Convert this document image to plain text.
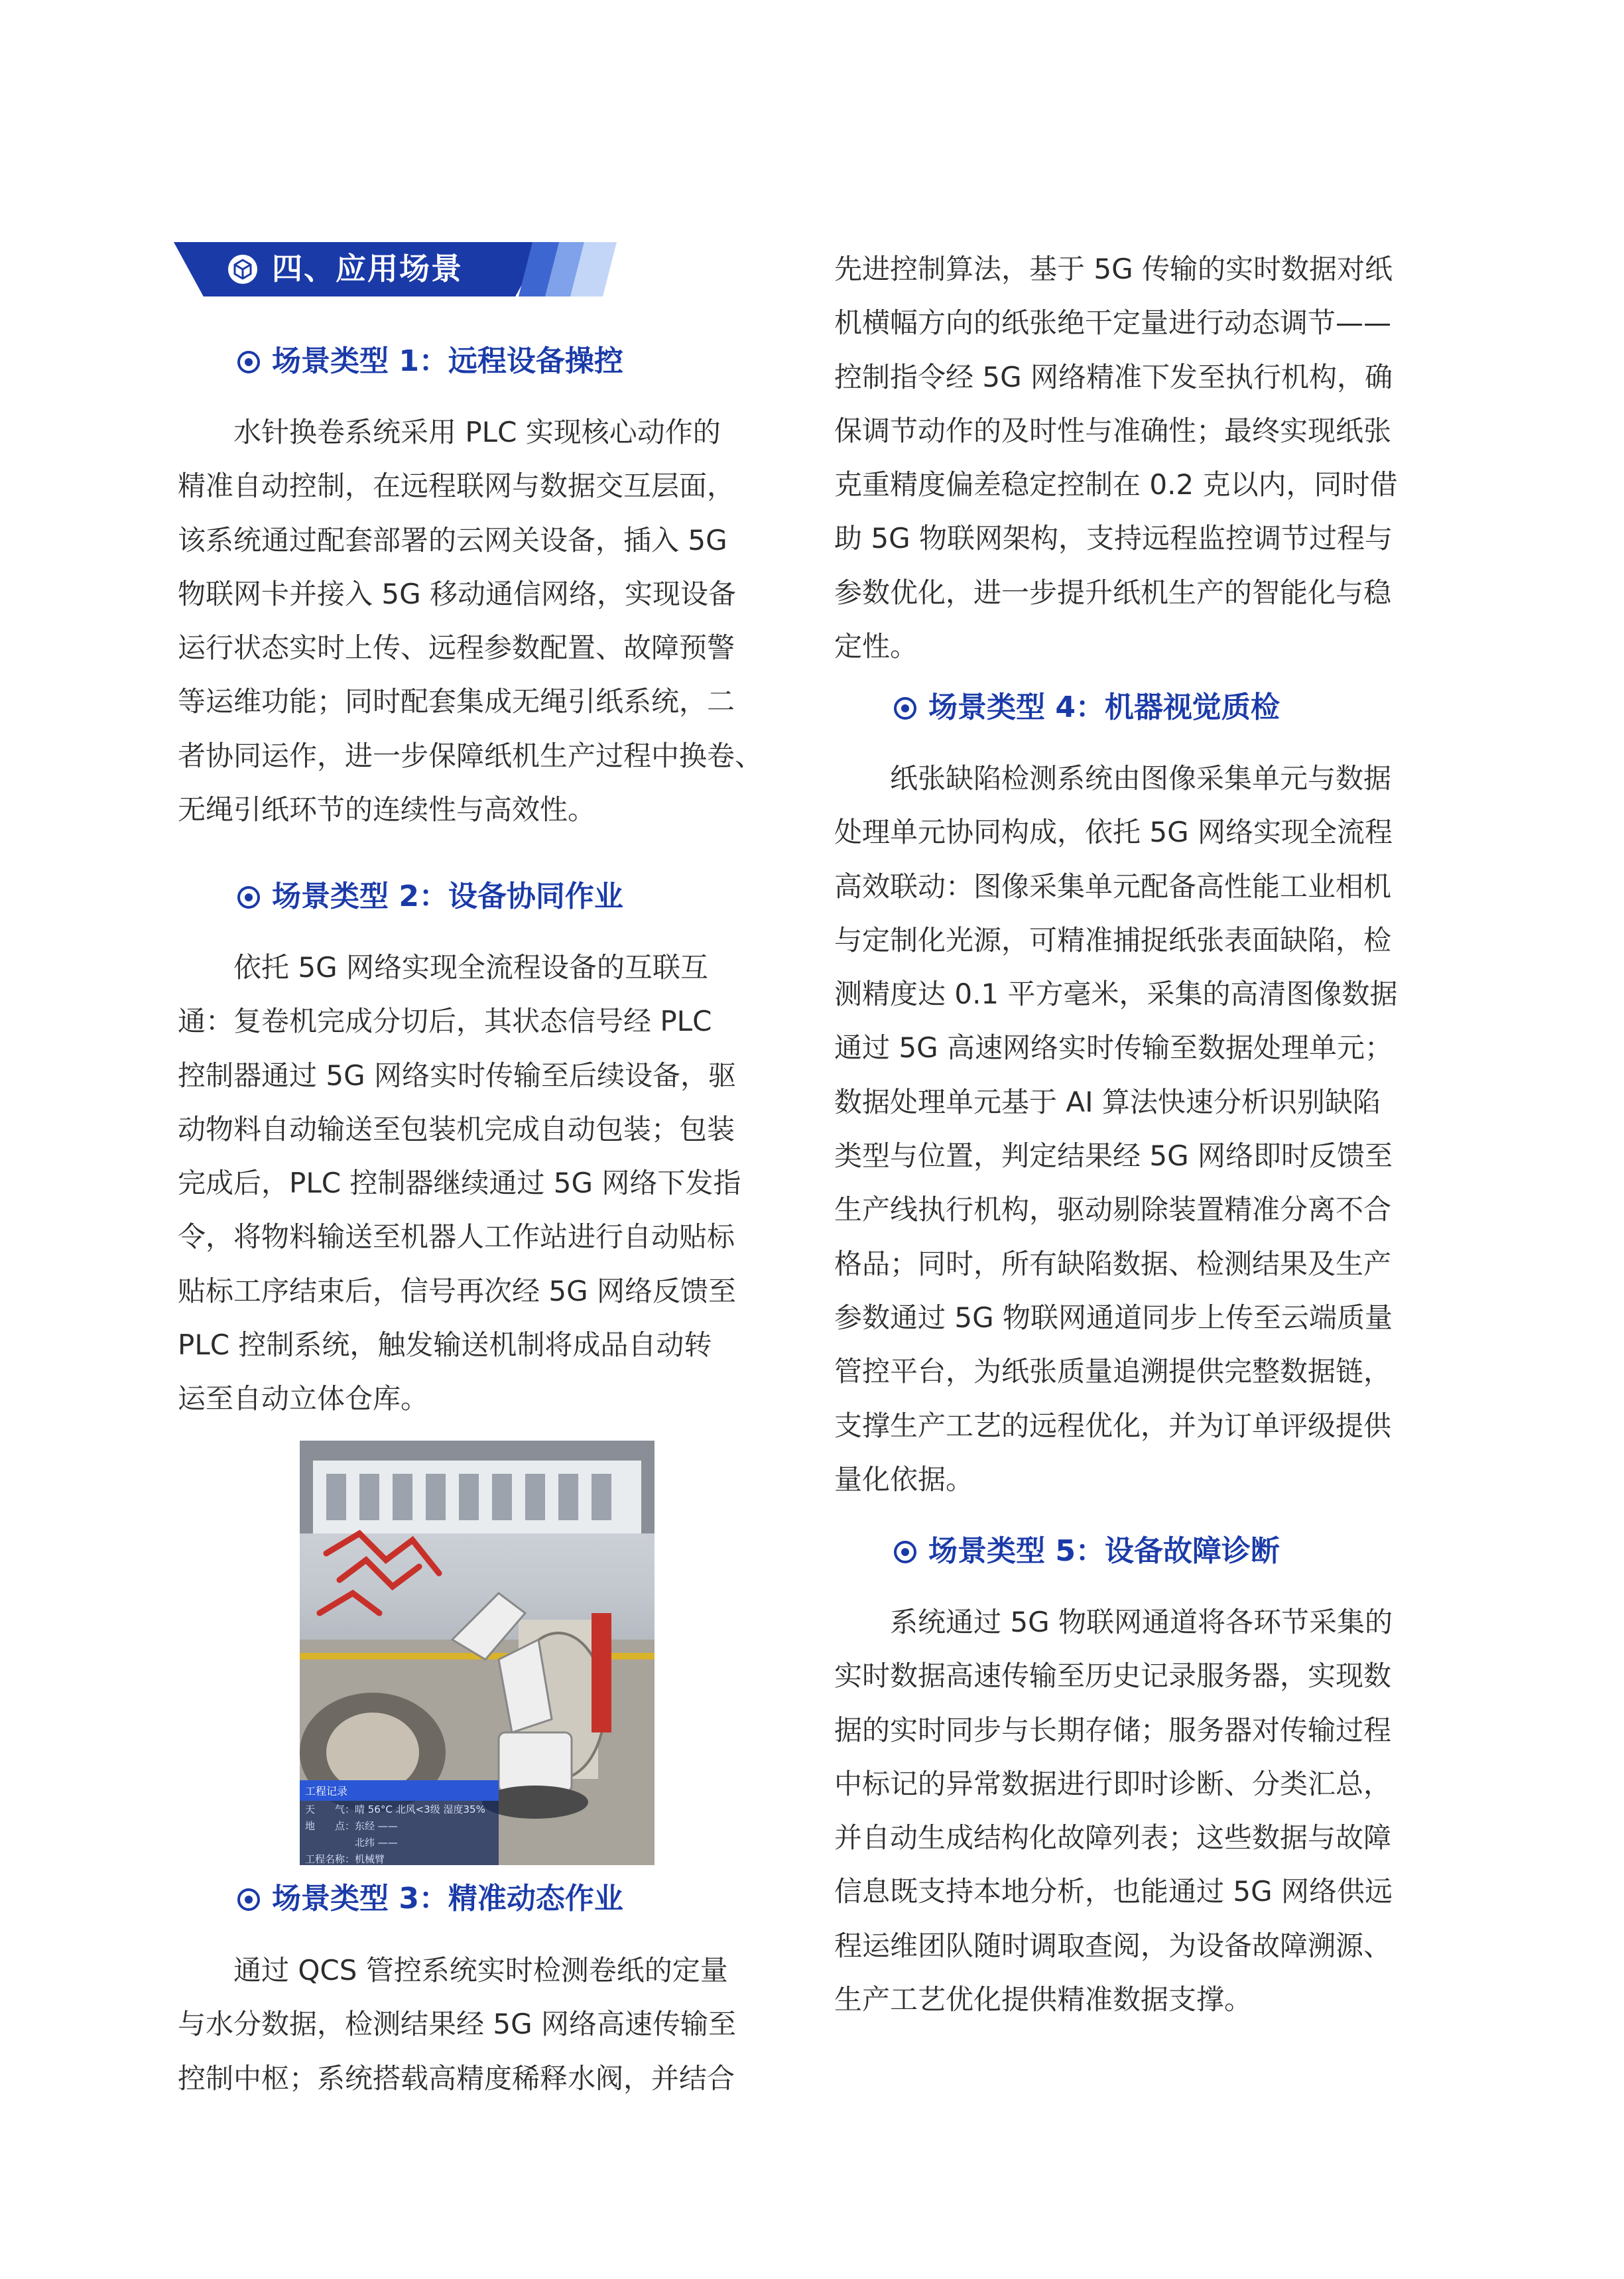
四、应用场景
场景类型 1：远程设备操控
　　水针换卷系统采用 PLC 实现核心动作的
精准自动控制，在远程联网与数据交互层面，
该系统通过配套部署的云网关设备，插入 5G
物联网卡并接入 5G 移动通信网络，实现设备
运行状态实时上传、远程参数配置、故障预警
等运维功能；同时配套集成无绳引纸系统，二
者协同运作，进一步保障纸机生产过程中换卷、
无绳引纸环节的连续性与高效性。
场景类型 2：设备协同作业
　　依托 5G 网络实现全流程设备的互联互
通：复卷机完成分切后，其状态信号经 PLC
控制器通过 5G 网络实时传输至后续设备，驱
动物料自动输送至包装机完成自动包装；包装
完成后，PLC 控制器继续通过 5G 网络下发指
令，将物料输送至机器人工作站进行自动贴标
贴标工序结束后，信号再次经 5G 网络反馈至
PLC 控制系统，触发输送机制将成品自动转
运至自动立体仓库。
场景类型 3：精准动态作业
　　通过 QCS 管控系统实时检测卷纸的定量
与水分数据，检测结果经 5G 网络高速传输至
控制中枢；系统搭载高精度稀释水阀，并结合
工程记录
天　　气：晴 56°C 北风<3级 湿度35%
地　　点：东经 ——
　　　　　北纬 ——
工程名称：机械臂
先进控制算法，基于 5G 传输的实时数据对纸
机横幅方向的纸张绝干定量进行动态调节——
控制指令经 5G 网络精准下发至执行机构，确
保调节动作的及时性与准确性；最终实现纸张
克重精度偏差稳定控制在 0.2 克以内，同时借
助 5G 物联网架构，支持远程监控调节过程与
参数优化，进一步提升纸机生产的智能化与稳
定性。
场景类型 4：机器视觉质检
　　纸张缺陷检测系统由图像采集单元与数据
处理单元协同构成，依托 5G 网络实现全流程
高效联动：图像采集单元配备高性能工业相机
与定制化光源，可精准捕捉纸张表面缺陷，检
测精度达 0.1 平方毫米，采集的高清图像数据
通过 5G 高速网络实时传输至数据处理单元；
数据处理单元基于 AI 算法快速分析识别缺陷
类型与位置，判定结果经 5G 网络即时反馈至
生产线执行机构，驱动剔除装置精准分离不合
格品；同时，所有缺陷数据、检测结果及生产
参数通过 5G 物联网通道同步上传至云端质量
管控平台，为纸张质量追溯提供完整数据链，
支撑生产工艺的远程优化，并为订单评级提供
量化依据。
场景类型 5：设备故障诊断
　　系统通过 5G 物联网通道将各环节采集的
实时数据高速传输至历史记录服务器，实现数
据的实时同步与长期存储；服务器对传输过程
中标记的异常数据进行即时诊断、分类汇总，
并自动生成结构化故障列表；这些数据与故障
信息既支持本地分析，也能通过 5G 网络供远
程运维团队随时调取查阅，为设备故障溯源、
生产工艺优化提供精准数据支撑。
